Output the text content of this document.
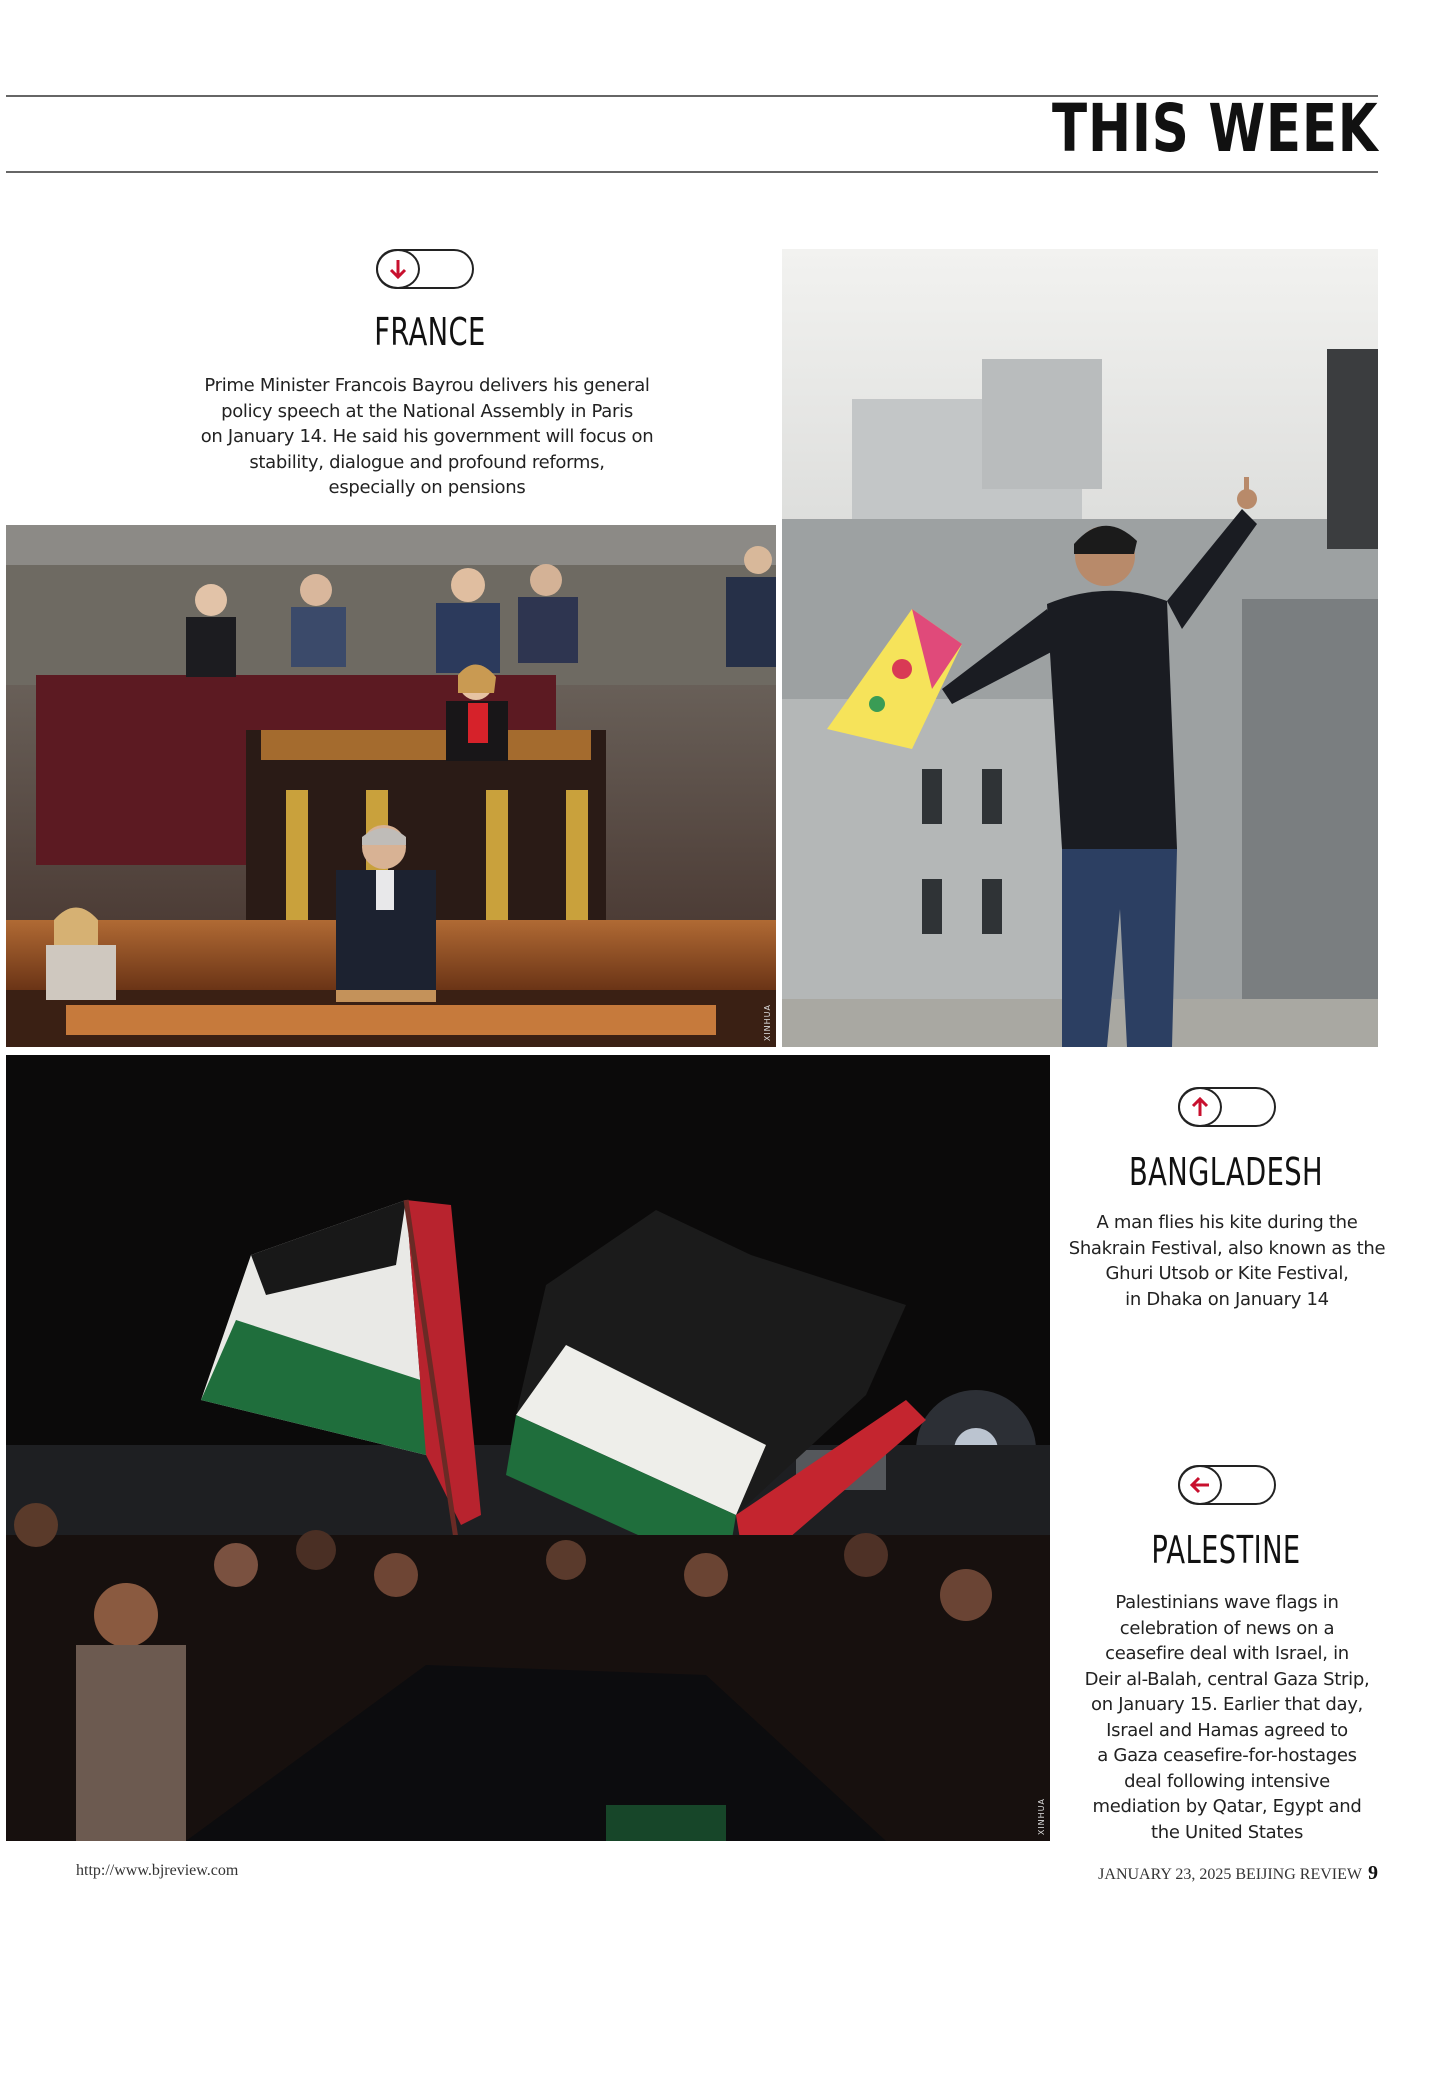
THIS WEEK
FRANCE
Prime Minister Francois Bayrou delivers his general
policy speech at the National Assembly in Paris
on January 14. He said his government will focus on
stability, dialogue and profound reforms,
especially on pensions
XINHUA
XINHUA
BANGLADESH
A man flies his kite during the
Shakrain Festival, also known as the
Ghuri Utsob or Kite Festival,
in Dhaka on January 14
PALESTINE
Palestinians wave flags in
celebration of news on a
ceasefire deal with Israel, in
Deir al-Balah, central Gaza Strip,
on January 15. Earlier that day,
Israel and Hamas agreed to
a Gaza ceasefire-for-hostages
deal following intensive
mediation by Qatar, Egypt and
the United States
http://www.bjreview.com	JANUARY 23, 2025 BEIJING REVIEW 9
